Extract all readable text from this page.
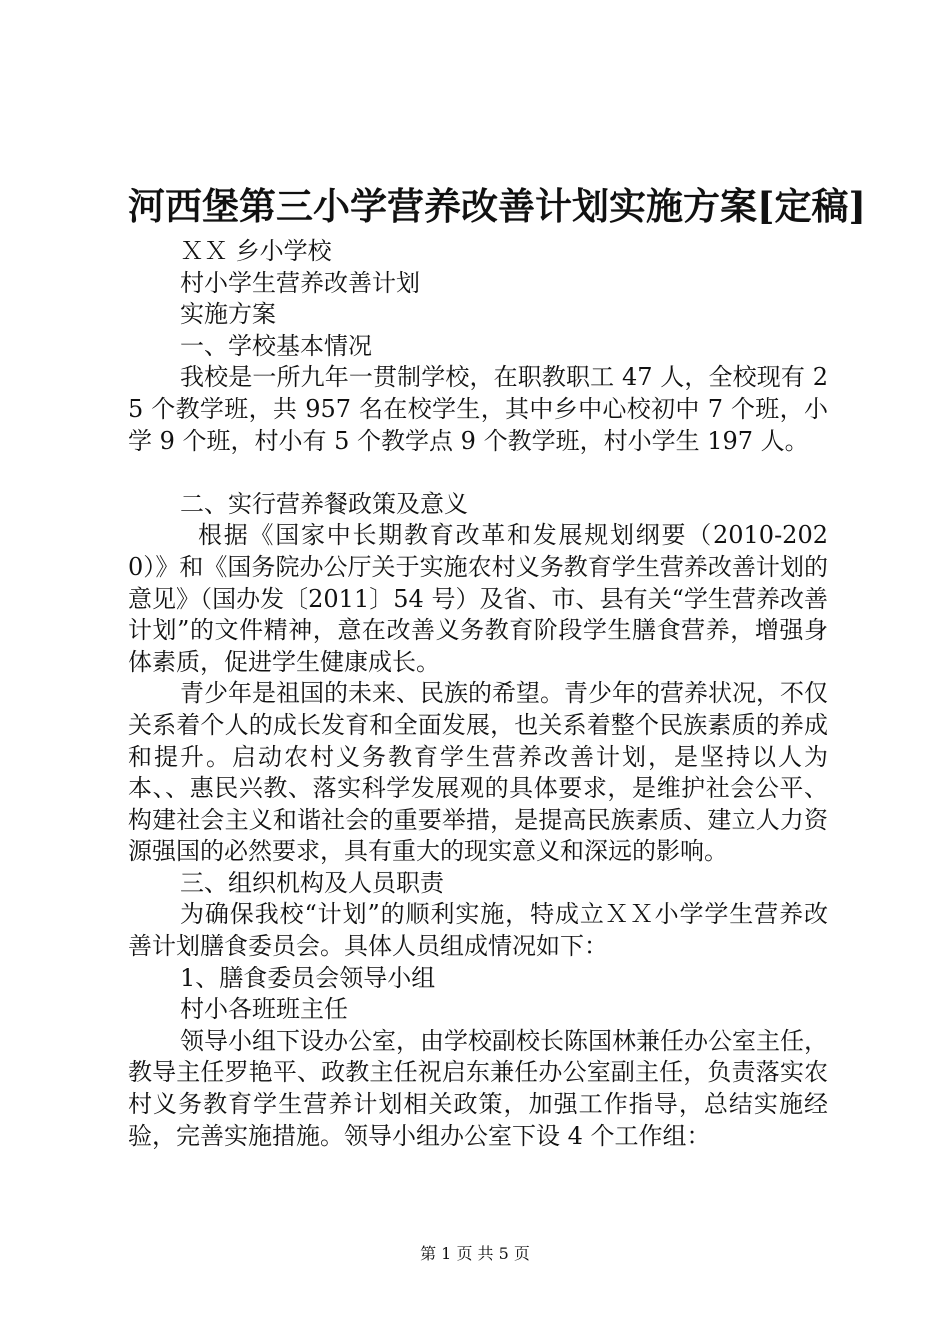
河西堡第三小学营养改善计划实施方案[定稿]
ＸＸ 乡小学校
村小学生营养改善计划
实施方案
一、学校基本情况
我校是一所九年一贯制学校，在职教职工 47 人，全校现有 25 个教学班，共 957 名在校学生，其中乡中心校初中 7 个班，小学 9 个班，村小有 5 个教学点 9 个教学班，村小学生 197 人。
二、实行营养餐政策及意义
根据《国家中长期教育改革和发展规划纲要（2010-2020）》和《国务院办公厅关于实施农村义务教育学生营养改善计划的意见》（国办发〔2011〕54 号）及省、市、县有关“学生营养改善计划”的文件精神，意在改善义务教育阶段学生膳食营养，增强身体素质，促进学生健康成长。
青少年是祖国的未来、民族的希望。青少年的营养状况，不仅关系着个人的成长发育和全面发展，也关系着整个民族素质的养成和提升。启动农村义务教育学生营养改善计划，是坚持以人为本、、惠民兴教、落实科学发展观的具体要求，是维护社会公平、构建社会主义和谐社会的重要举措，是提高民族素质、建立人力资源强国的必然要求，具有重大的现实意义和深远的影响。
三、组织机构及人员职责
为确保我校“计划”的顺利实施，特成立ＸＸ小学学生营养改善计划膳食委员会。具体人员组成情况如下：
1、膳食委员会领导小组
村小各班班主任
领导小组下设办公室，由学校副校长陈国林兼任办公室主任，教导主任罗艳平、政教主任祝启东兼任办公室副主任，负责落实农村义务教育学生营养计划相关政策，加强工作指导，总结实施经验，完善实施措施。领导小组办公室下设 4 个工作组：
第 1 页 共 5 页
